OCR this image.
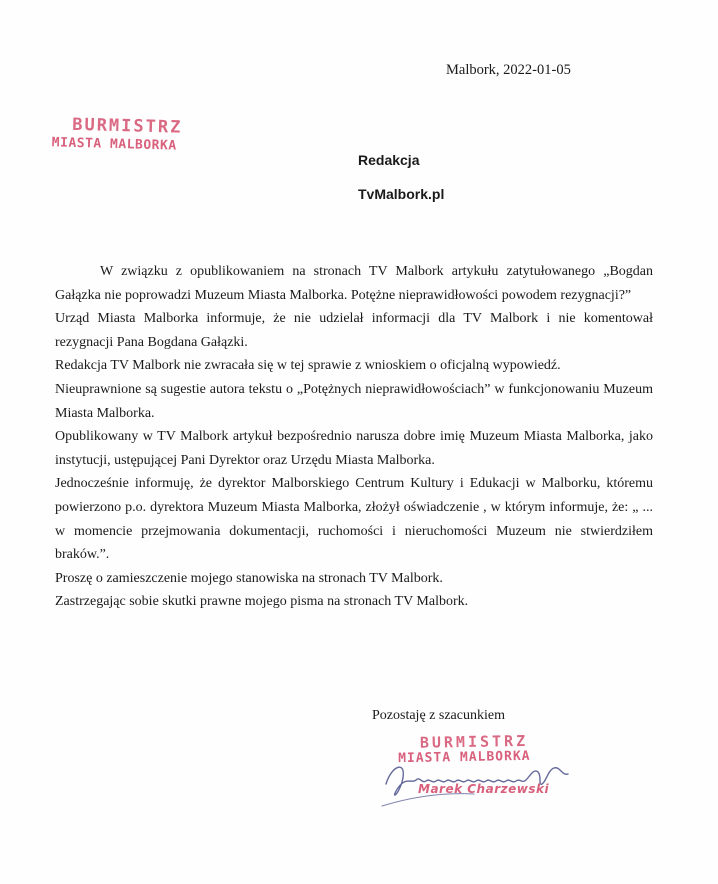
Malbork, 2022-01-05
BURMISTRZ
MIASTA MALBORKA
Redakcja
TvMalbork.pl

W związku z opublikowaniem na stronach TV Malbork artykułu zatytułowanego „Bogdan Gałązka nie poprowadzi Muzeum Miasta Malborka. Potężne nieprawidłowości powodem rezygnacji?”

Urząd Miasta Malborka informuje, że nie udzielał informacji dla TV Malbork i nie komentował rezygnacji Pana Bogdana Gałązki.

Redakcja TV Malbork nie zwracała się w tej sprawie z wnioskiem o oficjalną wypowiedź.

Nieuprawnione są sugestie autora tekstu o „Potężnych nieprawidłowościach” w funkcjonowaniu Muzeum Miasta Malborka.

Opublikowany w TV Malbork artykuł bezpośrednio narusza dobre imię Muzeum Miasta Malborka, jako instytucji, ustępującej Pani Dyrektor oraz Urzędu Miasta Malborka.

Jednocześnie informuję, że dyrektor Malborskiego Centrum Kultury i Edukacji w Malborku, któremu powierzono p.o. dyrektora Muzeum Miasta Malborka, złożył oświadczenie , w którym informuje, że: „ ... w momencie przejmowania dokumentacji, ruchomości i nieruchomości Muzeum nie stwierdziłem braków.”.

Proszę o zamieszczenie mojego stanowiska na stronach TV Malbork.

Zastrzegając sobie skutki prawne mojego pisma na stronach TV Malbork.

Pozostaję z szacunkiem
BURMISTRZ
MIASTA MALBORKA
Marek Charzewski
